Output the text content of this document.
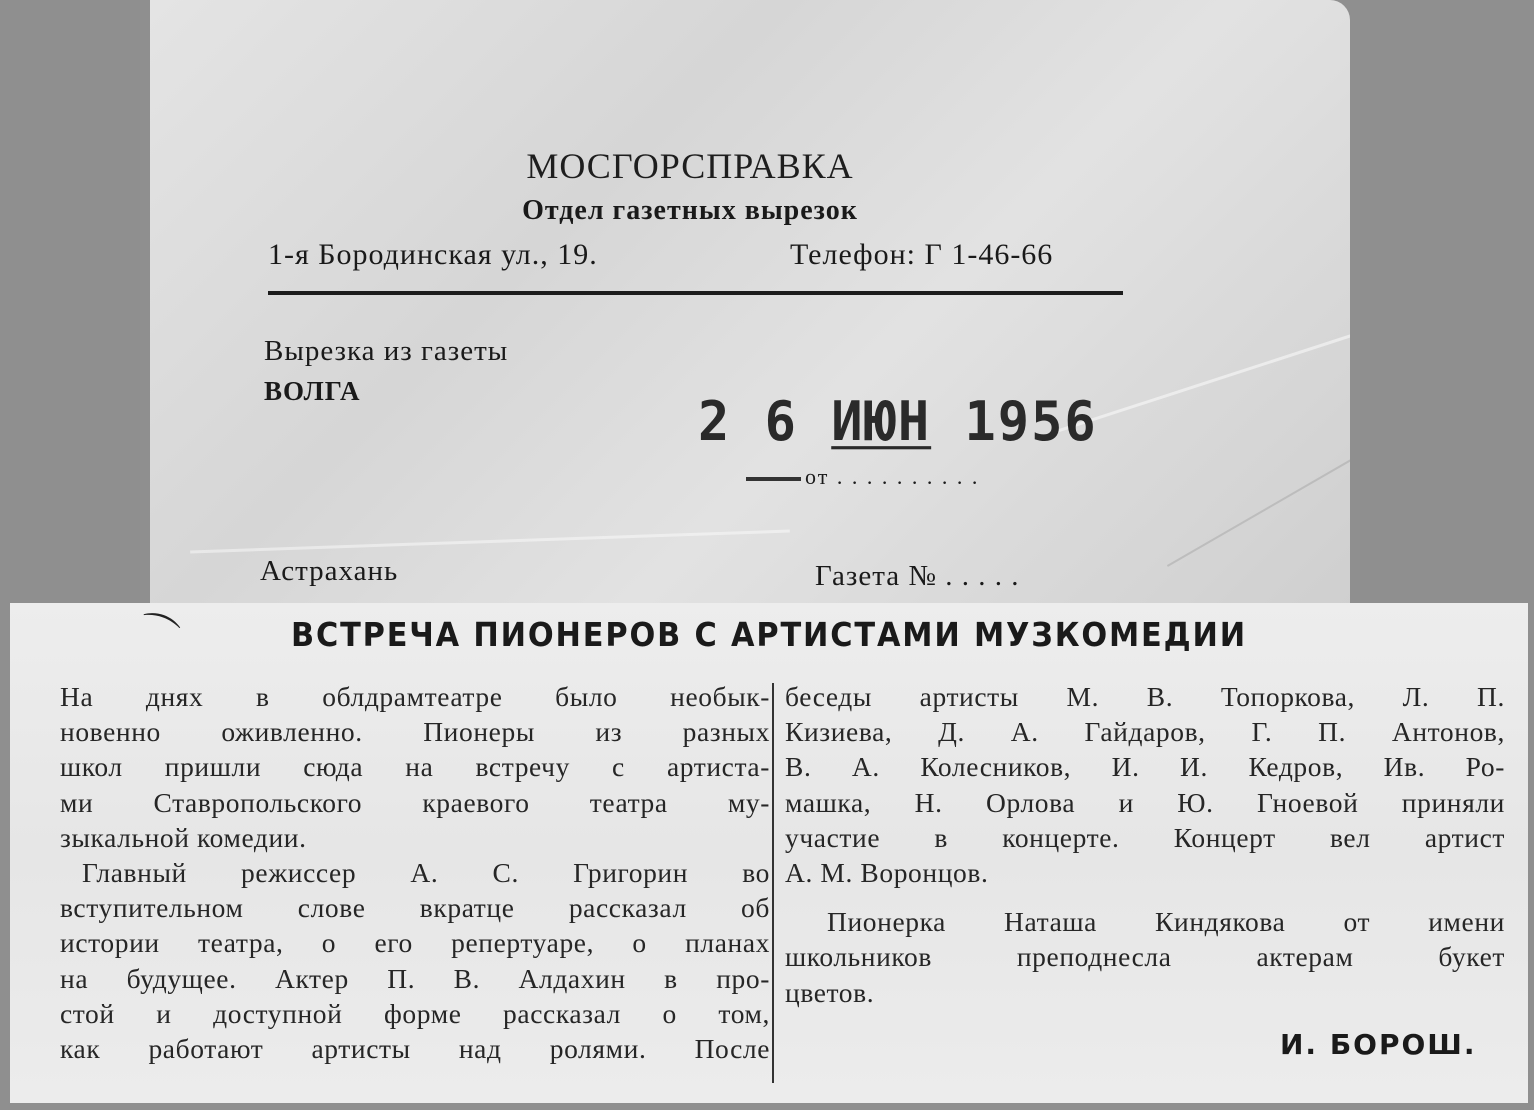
МОСГОРСПРАВКА
Отдел газетных вырезок
1-я Бородинская ул., 19.	Телефон: Г 1-46-66
Вырезка из газеты
ВОЛГА	2 6 ИЮН 1956
от . . . . . . . . . .
Астрахань	Газета № . . . . .
⌒	ВСТРЕЧА ПИОНЕРОВ С АРТИСТАМИ МУЗКОМЕДИИ
На днях в облдрамтеатре было необык-
новенно оживленно. Пионеры из разных
школ пришли сюда на встречу с артиста-
ми Ставропольского краевого театра му-
зыкальной комедии.
Главный режиссер А. С. Григорин во
вступительном слове вкратце рассказал об
истории театра, о его репертуаре, о планах
на будущее. Актер П. В. Алдахин в про-
стой и доступной форме рассказал о том,
как работают артисты над ролями. После
беседы артисты М. В. Топоркова, Л. П.
Кизиева, Д. А. Гайдаров, Г. П. Антонов,
В. А. Колесников, И. И. Кедров, Ив. Ро-
машка, Н. Орлова и Ю. Гноевой приняли
участие в концерте. Концерт вел артист
А. М. Воронцов.
Пионерка Наташа Киндякова от имени
школьников преподнесла актерам букет
цветов.
И. БОРОШ.
